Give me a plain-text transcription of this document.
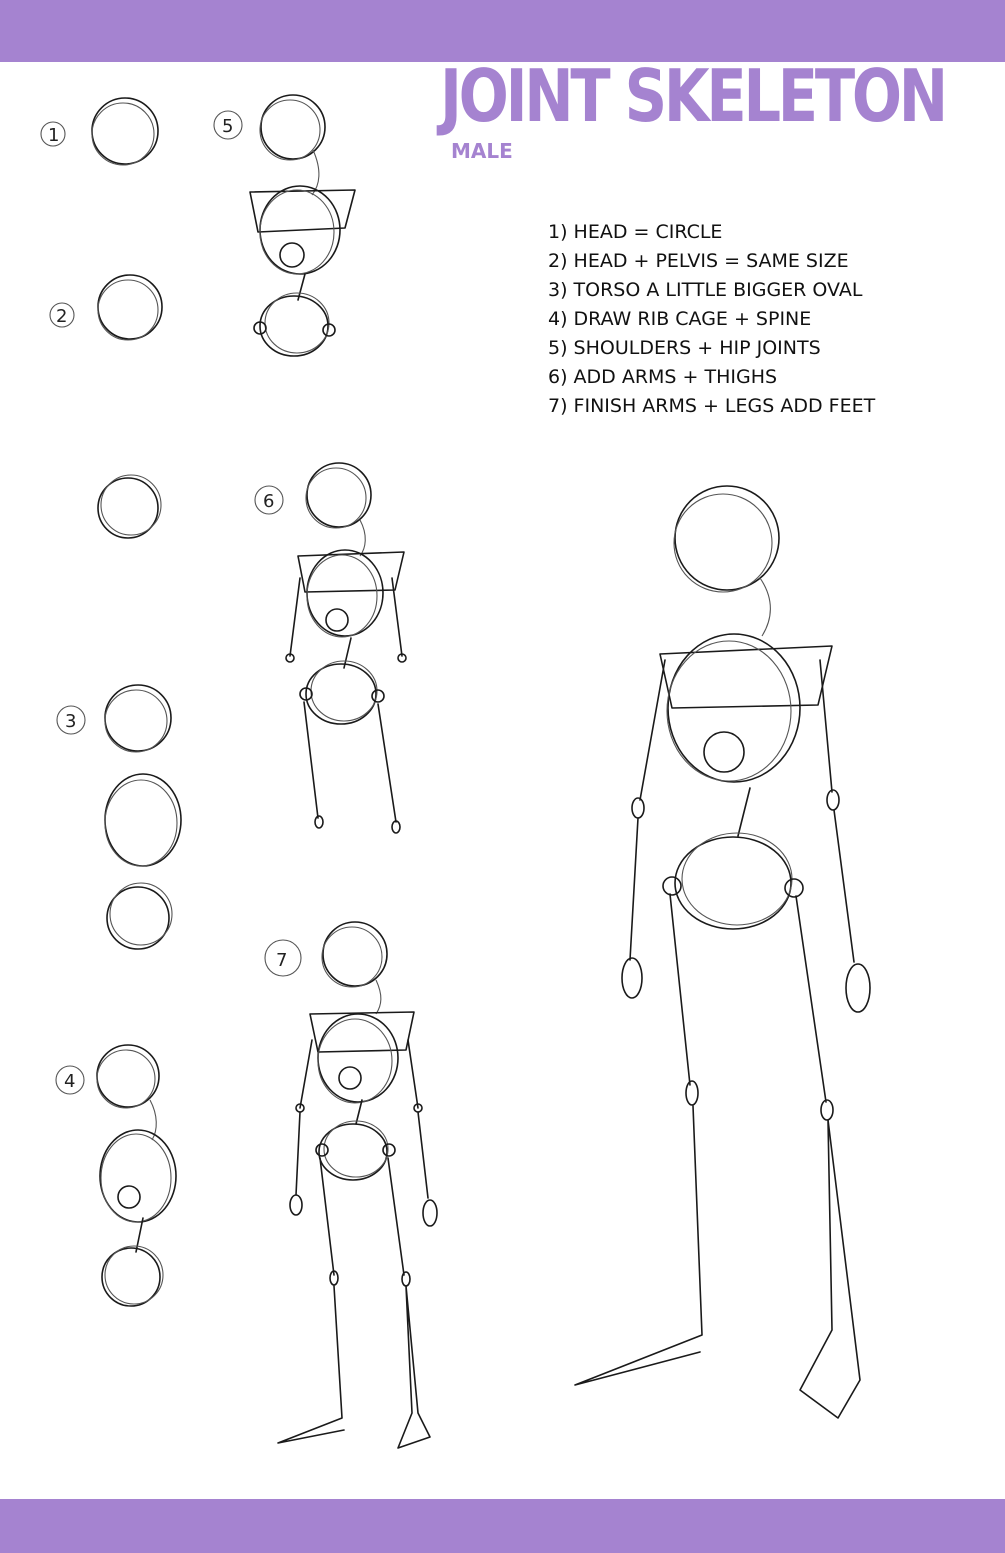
JOINT SKELETON
MALE
1) HEAD = CIRCLE
2) HEAD + PELVIS = SAME SIZE
3) TORSO A LITTLE BIGGER OVAL
4) DRAW RIB CAGE + SPINE
5) SHOULDERS + HIP JOINTS
6) ADD ARMS + THIGHS
7) FINISH ARMS + LEGS ADD FEET
1
2
3
4
5
6
7
